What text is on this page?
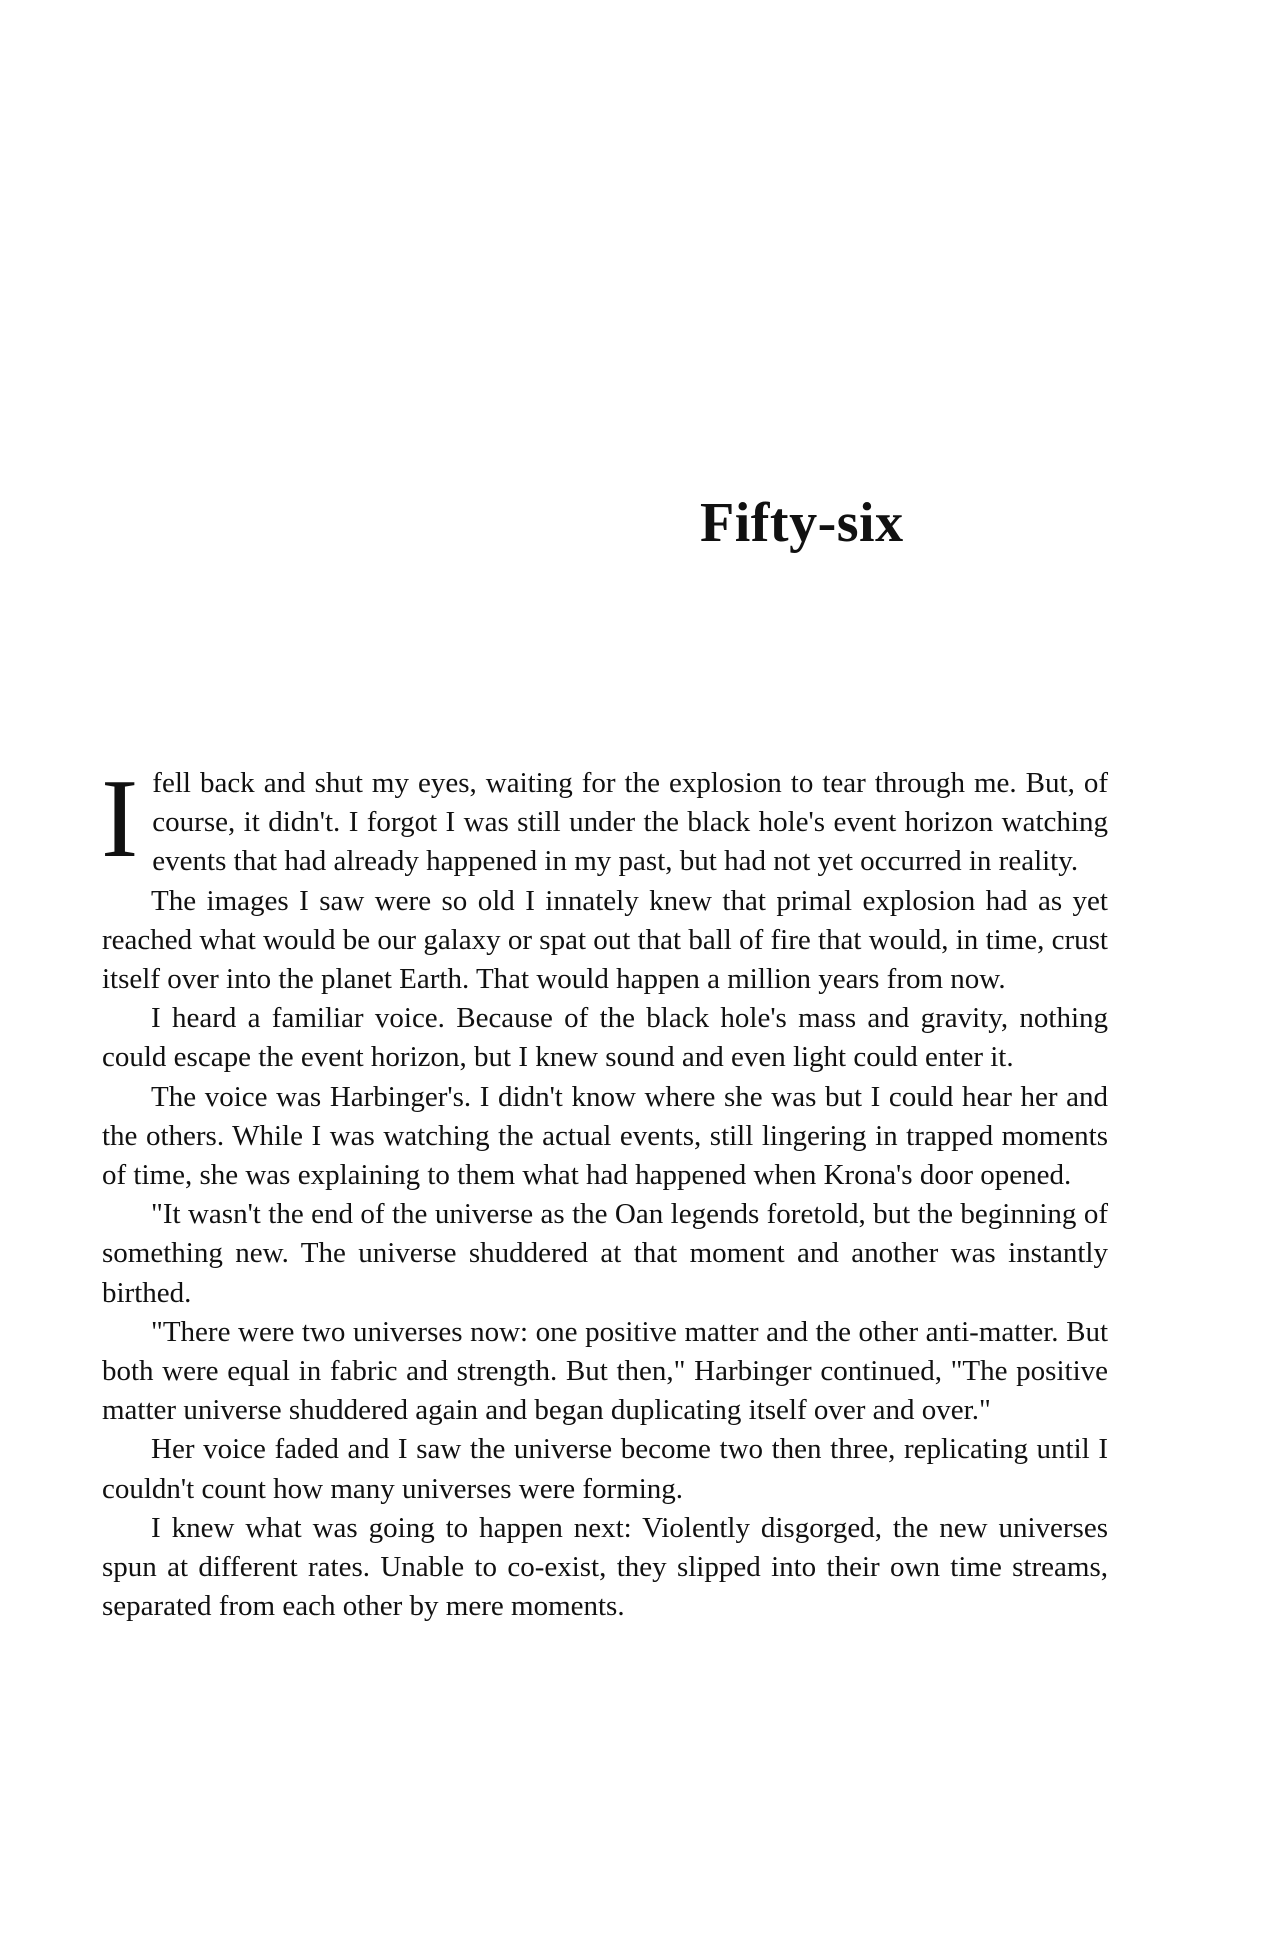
Fifty-six

Ifell back and shut my eyes, waiting for the explosion to tear through me. But, of course, it didn't. I forgot I was still under the black hole's event horizon watching events that had already happened in my past, but had not yet occurred in reality.

The images I saw were so old I innately knew that primal explosion had as yet reached what would be our galaxy or spat out that ball of fire that would, in time, crust itself over into the planet Earth. That would happen a million years from now.

I heard a familiar voice. Because of the black hole's mass and gravity, nothing could escape the event horizon, but I knew sound and even light could enter it.

The voice was Harbinger's. I didn't know where she was but I could hear her and the others. While I was watching the actual events, still lingering in trapped moments of time, she was explaining to them what had happened when Krona's door opened.

"It wasn't the end of the universe as the Oan legends foretold, but the beginning of something new. The universe shuddered at that moment and another was instantly birthed.

"There were two universes now: one positive matter and the other anti-matter. But both were equal in fabric and strength. But then," Harbinger continued, "The positive matter universe shuddered again and began duplicating itself over and over."

Her voice faded and I saw the universe become two then three, replicating until I couldn't count how many universes were forming.

I knew what was going to happen next: Violently disgorged, the new universes spun at different rates. Unable to co-exist, they slipped into their own time streams, separated from each other by mere moments.
